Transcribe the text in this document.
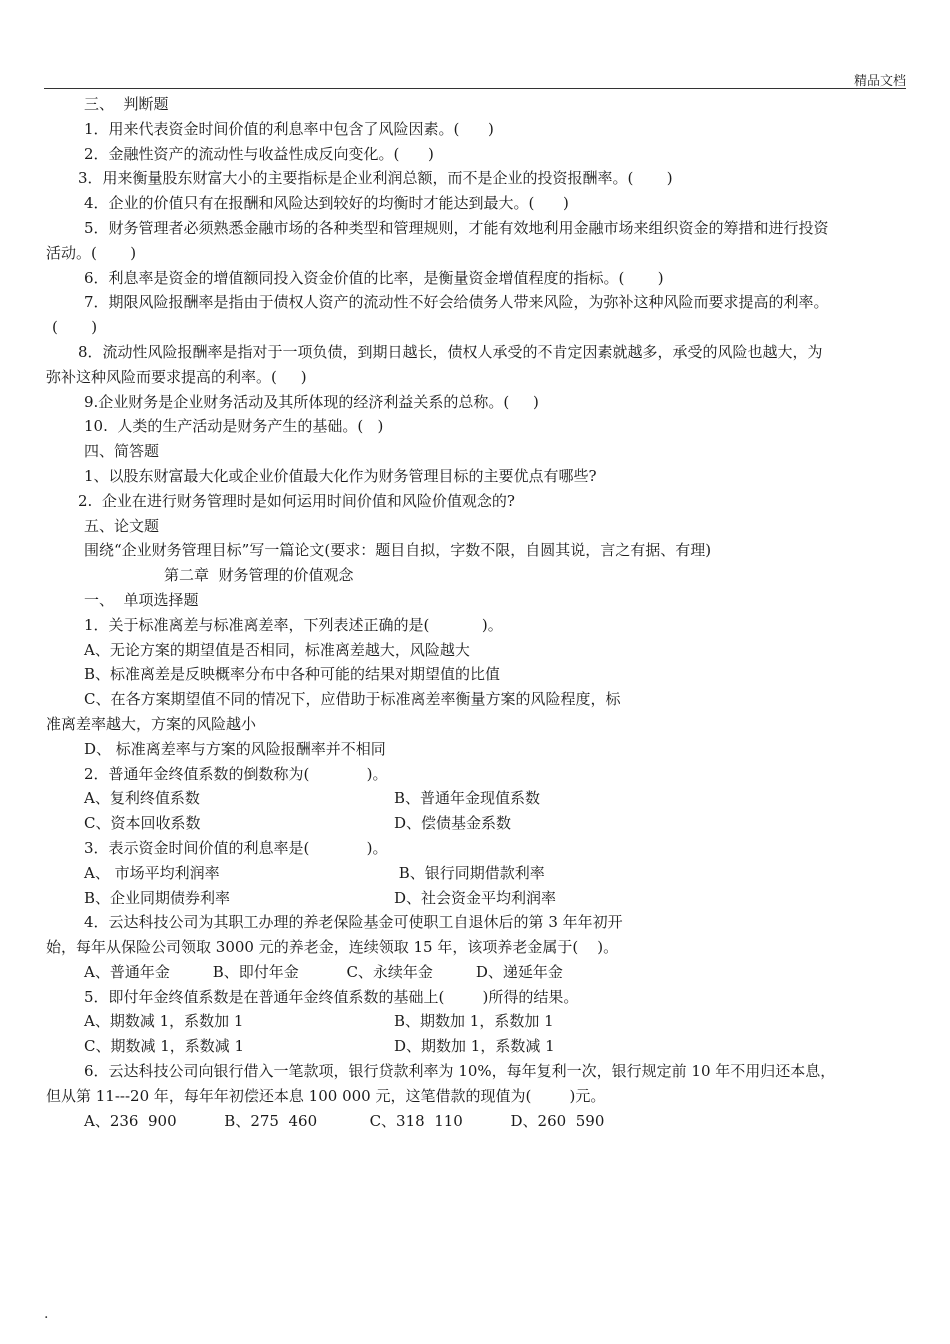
精品文档
三、  判断题
1．用来代表资金时间价值的利息率中包含了风险因素。(      )
2．金融性资产的流动性与收益性成反向变化。(      )
3．用来衡量股东财富大小的主要指标是企业利润总额，而不是企业的投资报酬率。(       )
4．企业的价值只有在报酬和风险达到较好的均衡时才能达到最大。(      )
5．财务管理者必须熟悉金融市场的各种类型和管理规则，才能有效地利用金融市场来组织资金的筹措和进行投资
活动。(       )
6．利息率是资金的增值额同投入资金价值的比率，是衡量资金增值程度的指标。(       )
7．期限风险报酬率是指由于债权人资产的流动性不好会给债务人带来风险，为弥补这种风险而要求提高的利率。
(       )
8．流动性风险报酬率是指对于一项负债，到期日越长，债权人承受的不肯定因素就越多，承受的风险也越大，为
弥补这种风险而要求提高的利率。(     )
9.企业财务是企业财务活动及其所体现的经济利益关系的总称。(     )
10.  人类的生产活动是财务产生的基础。(   )
四、简答题
1、以股东财富最大化或企业价值最大化作为财务管理目标的主要优点有哪些?
2.  企业在进行财务管理时是如何运用时间价值和风险价值观念的?
五、论文题
围绕“企业财务管理目标”写一篇论文(要求：题目自拟，字数不限，自圆其说，言之有据、有理)
第二章  财务管理的价值观念
一、  单项选择题
1．关于标准离差与标准离差率，下列表述正确的是(           )。
A、无论方案的期望值是否相同，标准离差越大，风险越大
B、标准离差是反映概率分布中各种可能的结果对期望值的比值
C、在各方案期望值不同的情况下，应借助于标准离差率衡量方案的风险程度，标
准离差率越大，方案的风险越小
D、 标准离差率与方案的风险报酬率并不相同
2．普通年金终值系数的倒数称为(            )。
A、复利终值系数	B、普通年金现值系数
C、资本回收系数	D、偿债基金系数
3．表示资金时间价值的利息率是(            )。
A、 市场平均利润率	B、银行同期借款利率
B、企业同期债券利率	D、社会资金平均利润率
4．云达科技公司为其职工办理的养老保险基金可使职工自退休后的第 3 年年初开
始，每年从保险公司领取 3000 元的养老金，连续领取 15 年，该项养老金属于(    )。
A、普通年金         B、即付年金          C、永续年金         D、递延年金
5．即付年金终值系数是在普通年金终值系数的基础上(        )所得的结果。
A、期数减 1，系数加 1	B、期数加 1，系数加 1
C、期数减 1，系数减 1	D、期数加 1，系数减 1
6．云达科技公司向银行借入一笔款项，银行贷款利率为 10%，每年复利一次，银行规定前 10 年不用归还本息，
但从第 11---20 年，每年年初偿还本息 100 000 元，这笔借款的现值为(        )元。
A、236  900          B、275  460           C、318  110          D、260  590
.
